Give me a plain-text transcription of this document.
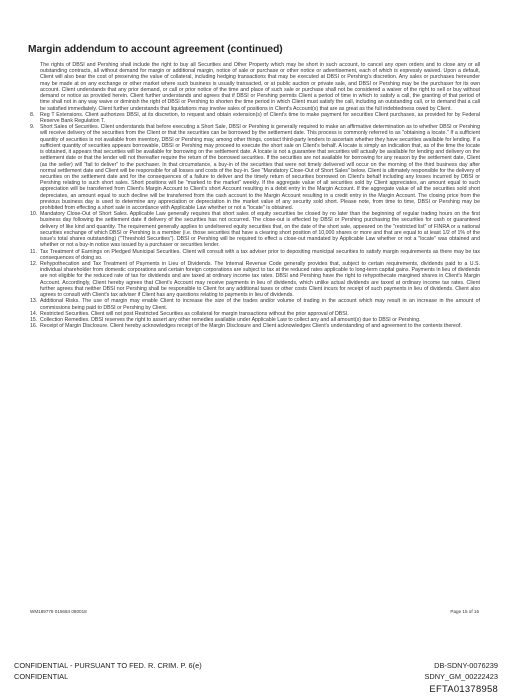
Margin addendum to account agreement (continued)

The rights of DBSI and Pershing shall include the right to buy all Securities and Other Property which may be short in such account, to cancel any open orders and to close any or all outstanding contracts, all without demand for margin or additional margin, notice of sale or purchase or other notice or advertisement, each of which is expressly waived. Upon a default, Client will also bear the cost of preserving the value of collateral, including hedging transactions that may be executed at DBSI or Pershing's discretion. Any sales or purchases hereunder may be made at on any exchange or other market where such business is usually transacted, or at public auction or private sale, and DBSI or Pershing may be the purchaser for its own account. Client understands that any prior demand, or call or prior notice of the time and place of such sale or purchase shall not be considered a waiver of the right to sell or buy without demand or notice as provided herein. Client further understands and agrees that if DBSI or Pershing permits Client a period of time in which to satisfy a call, the granting of that period of time shall not in any way waive or diminish the right of DBSI or Pershing to shorten the time period in which Client must satisfy the call, including an outstanding call, or to demand that a call be satisfied immediately. Client further understands that liquidations may involve sales of positions in Client's Account(s) that are as great as the full indebtedness owed by Client.

8.	Reg T Extensions. Client authorizes DBSI, at its discretion, to request and obtain extension(s) of Client's time to make payment for securities Client purchases, as provided for by Federal Reserve Bank Regulation T.
9.	Short Sales of Securities. Client understands that before executing a Short Sale, DBSI or Pershing is generally required to make an affirmative determination as to whether DBSI or Pershing will receive delivery of the securities from the Client or that the securities can be borrowed by the settlement date. This process is commonly referred to as "obtaining a locate." If a sufficient quantity of securities is not available from inventory, DBSI or Pershing may, among other things, contact third-party lenders to ascertain whether they have securities available for lending. If a sufficient quantity of securities appears borrowable, DBSI or Pershing may proceed to execute the short sale on Client's behalf. A locate is simply an indication that, as of the time the locate is obtained, it appears that securities will be available for borrowing on the settlement date. A locate is not a guarantee that securities will actually be available for lending and delivery on the settlement date or that the lender will not thereafter require the return of the borrowed securities. If the securities are not available for borrowing for any reason by the settlement date, Client (as the seller) will "fail to deliver" to the purchaser. In that circumstance, a buy-in of the securities that were not timely delivered will occur on the morning of the third business day after normal settlement date and Client will be responsible for all losses and costs of the buy-in. See "Mandatory Close-Out of Short Sales" below. Client is ultimately responsible for the delivery of securities on the settlement date and for the consequences of a failure to deliver and the timely return of securities borrowed on Client's behalf including any losses incurred by DBSI or Pershing relating to such short sales. Short positions will be "marked to the market" weekly. If the aggregate value of all securities sold by Client appreciates, an amount equal to such appreciation will be transferred from Client's Margin Account to Client's short Account resulting in a debit entry in the Margin Account. If the aggregate value of all the securities sold short depreciates, an amount equal to such decline will be transferred from the cash account to the Margin Account resulting in a credit entry in the Margin Account. The closing price from the previous business day is used to determine any appreciation or depreciation in the market value of any security sold short. Please note, from time to time, DBSI or Pershing may be prohibited from effecting a short sale in accordance with Applicable Law whether or not a "locate" is obtained.
10. Mandatory Close-Out of Short Sales. Applicable Law generally requires that short sales of equity securities be closed by no later than the beginning of regular trading hours on the first business day following the settlement date if delivery of the securities has not occurred. The close-out is effected by DBSI or Pershing purchasing the securities for cash or guaranteed delivery of like kind and quantity. The requirement generally applies to undelivered equity securities that, on the date of the short sale, appeared on the "restricted list" of FINRA or a national securities exchange of which DBSI or Pershing is a member (i.e. those securities that have a clearing short position of 10,000 shares or more and that are equal to at least 1/2 of 1% of the issue's total shares outstanding) ("Threshold Securities"). DBSI or Pershing will be required to effect a close-out mandated by Applicable Law whether or not a "locate" was obtained and whether or not a buy-in notice was issued by a purchaser or securities lender.
11. Tax Treatment of Earnings on Pledged Municipal Securities. Client will consult with a tax adviser prior to depositing municipal securities to satisfy margin requirements as there may be tax consequences of doing so.
12. Rehypothecation and Tax Treatment of Payments in Lieu of Dividends. The Internal Revenue Code generally provides that, subject to certain requirements, dividends paid to a U.S. individual shareholder from domestic corporations and certain foreign corporations are subject to tax at the reduced rates applicable to long-term capital gains. Payments in lieu of dividends are not eligible for the reduced rate of tax for dividends and are taxed at ordinary income tax rates. DBSI and Pershing have the right to rehypothecate margined shares in Client's Margin Account. Accordingly, Client hereby agrees that Client's Account may receive payments in lieu of dividends, which unlike actual dividends are taxed at ordinary income tax rates. Client further agrees that neither DBSI nor Pershing shall be responsible to Client for any additional taxes or other costs Client incurs for receipt of such payments in lieu of dividends. Client also agrees to consult with Client's tax adviser if Client has any questions relating to payments in lieu of dividends.
13. Additional Risks. The use of margin may enable Client to increase the size of the trades and/or volume of trading in the account which may result in an increase in the amount of commissions being paid to DBSI or Pershing by Client.
14. Restricted Securities. Client will not post Restricted Securities as collateral for margin transactions without the prior approval of DBSI.
15. Collection Remedies. DBSI reserves the right to assert any other remedies available under Applicable Law to collect any and all amount(s) due to DBSI or Pershing.
16. Receipt of Margin Disclosure. Client hereby acknowledges receipt of the Margin Disclosure and Client acknowledges Client's understanding of and agreement to the contents thereof.
WM189778 015684 080018	Page 15 of 16
CONFIDENTIAL - PURSUANT TO FED. R. CRIM. P. 6(e)
CONFIDENTIAL
DB-SDNY-0076239
SDNY_GM_00222423
EFTA01378958
